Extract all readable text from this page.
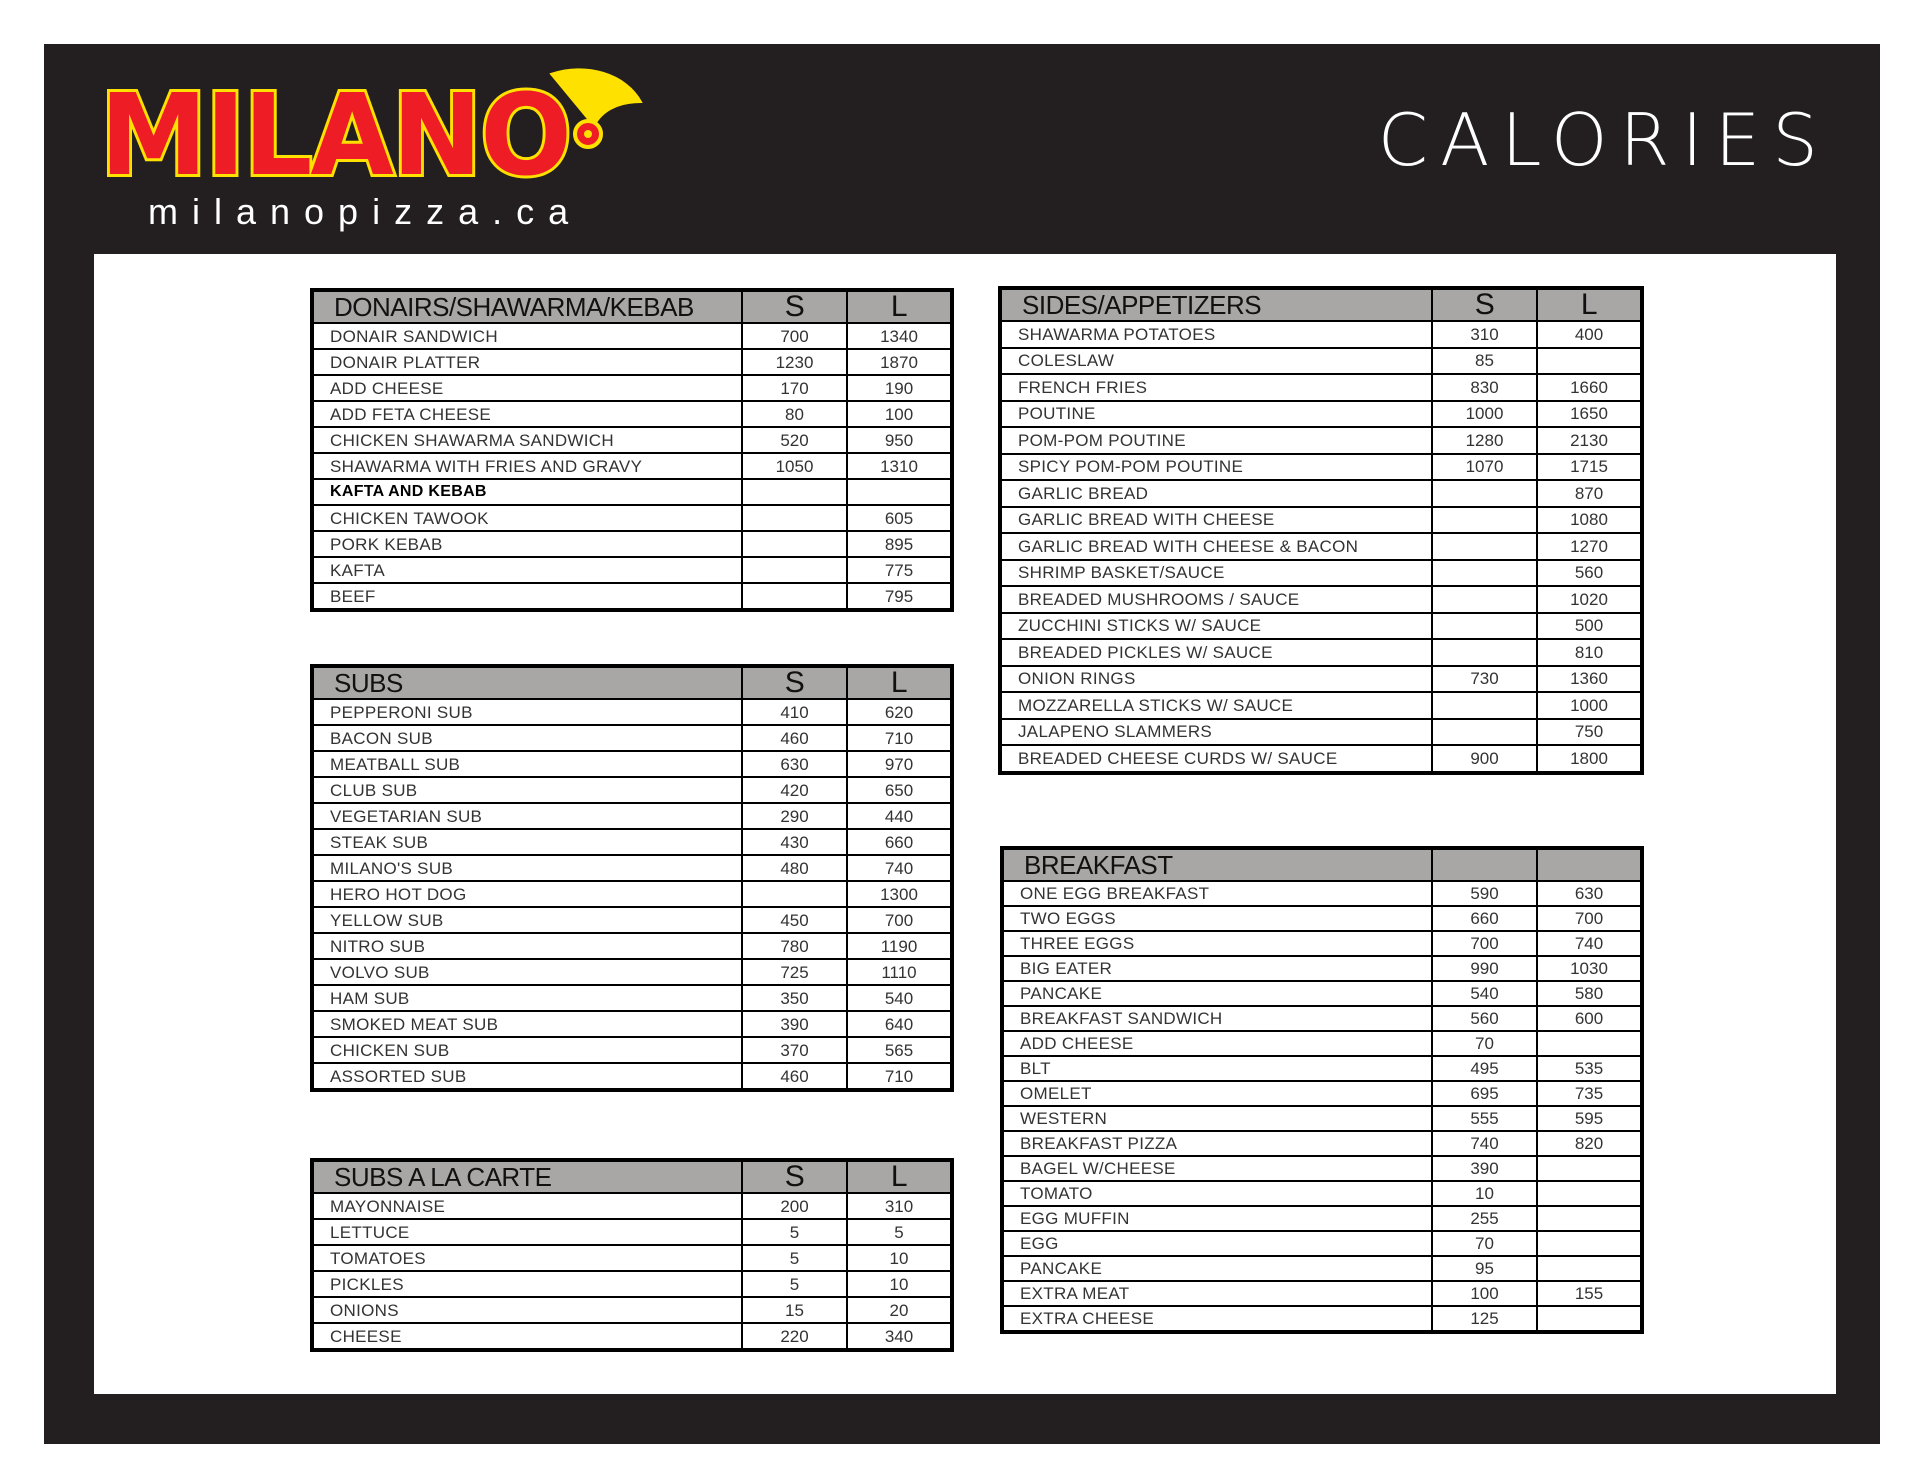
MILANO
milanopizza.ca
CALORIES
DONAIRS/SHAWARMA/KEBAB	S	L
DONAIR SANDWICH	700	1340
DONAIR PLATTER	1230	1870
ADD CHEESE	170	190
ADD FETA CHEESE	80	100
CHICKEN SHAWARMA SANDWICH	520	950
SHAWARMA WITH FRIES AND GRAVY	1050	1310
KAFTA AND KEBAB		
CHICKEN TAWOOK		605
PORK KEBAB		895
KAFTA		775
BEEF		795
SUBS	S	L
PEPPERONI SUB	410	620
BACON SUB	460	710
MEATBALL SUB	630	970
CLUB SUB	420	650
VEGETARIAN SUB	290	440
STEAK SUB	430	660
MILANO'S SUB	480	740
HERO HOT DOG		1300
YELLOW SUB	450	700
NITRO SUB	780	1190
VOLVO SUB	725	1110
HAM SUB	350	540
SMOKED MEAT SUB	390	640
CHICKEN SUB	370	565
ASSORTED SUB	460	710
SUBS A LA CARTE	S	L
MAYONNAISE	200	310
LETTUCE	5	5
TOMATOES	5	10
PICKLES	5	10
ONIONS	15	20
CHEESE	220	340
SIDES/APPETIZERS	S	L
SHAWARMA POTATOES	310	400
COLESLAW	85	
FRENCH FRIES	830	1660
POUTINE	1000	1650
POM-POM POUTINE	1280	2130
SPICY POM-POM POUTINE	1070	1715
GARLIC BREAD		870
GARLIC BREAD WITH CHEESE		1080
GARLIC BREAD WITH CHEESE & BACON		1270
SHRIMP BASKET/SAUCE		560
BREADED MUSHROOMS / SAUCE		1020
ZUCCHINI STICKS W/ SAUCE		500
BREADED PICKLES W/ SAUCE		810
ONION RINGS	730	1360
MOZZARELLA STICKS W/ SAUCE		1000
JALAPENO SLAMMERS		750
BREADED CHEESE CURDS W/ SAUCE	900	1800
BREAKFAST		
ONE EGG BREAKFAST	590	630
TWO EGGS	660	700
THREE EGGS	700	740
BIG EATER	990	1030
PANCAKE	540	580
BREAKFAST SANDWICH	560	600
ADD CHEESE	70	
BLT	495	535
OMELET	695	735
WESTERN	555	595
BREAKFAST PIZZA	740	820
BAGEL W/CHEESE	390	
TOMATO	10	
EGG MUFFIN	255	
EGG	70	
PANCAKE	95	
EXTRA MEAT	100	155
EXTRA CHEESE	125	
